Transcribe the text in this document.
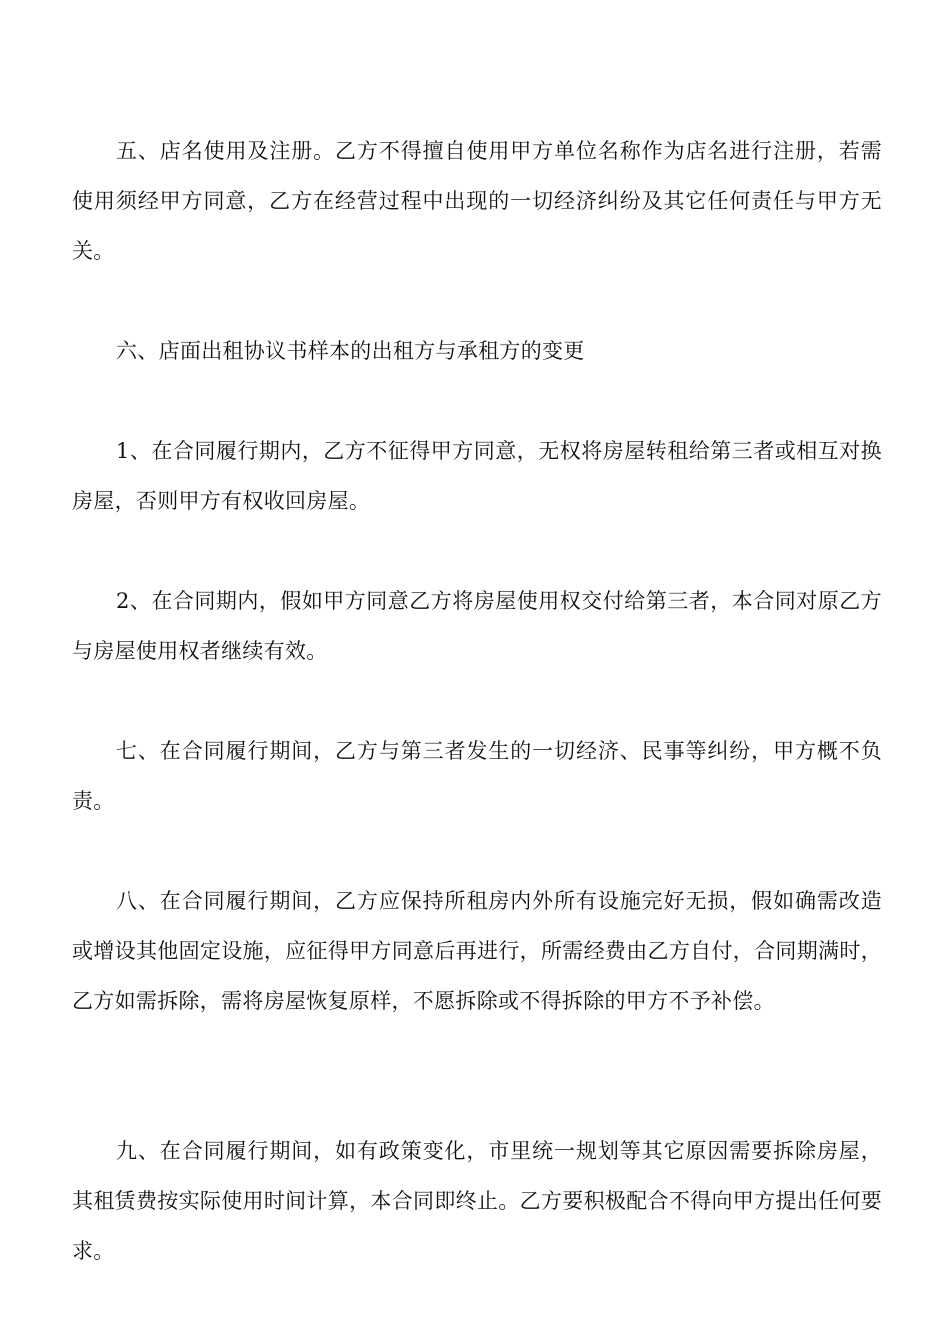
五、店名使用及注册。乙方不得擅自使用甲方单位名称作为店名进行注册，若需使用须经甲方同意，乙方在经营过程中出现的一切经济纠纷及其它任何责任与甲方无关。

六、店面出租协议书样本的出租方与承租方的变更

1、在合同履行期内，乙方不征得甲方同意，无权将房屋转租给第三者或相互对换房屋，否则甲方有权收回房屋。

2、在合同期内，假如甲方同意乙方将房屋使用权交付给第三者，本合同对原乙方与房屋使用权者继续有效。

七、在合同履行期间，乙方与第三者发生的一切经济、民事等纠纷，甲方概不负责。

八、在合同履行期间，乙方应保持所租房内外所有设施完好无损，假如确需改造或增设其他固定设施，应征得甲方同意后再进行，所需经费由乙方自付，合同期满时，乙方如需拆除，需将房屋恢复原样，不愿拆除或不得拆除的甲方不予补偿。

九、在合同履行期间，如有政策变化，市里统一规划等其它原因需要拆除房屋，其租赁费按实际使用时间计算，本合同即终止。乙方要积极配合不得向甲方提出任何要求。
